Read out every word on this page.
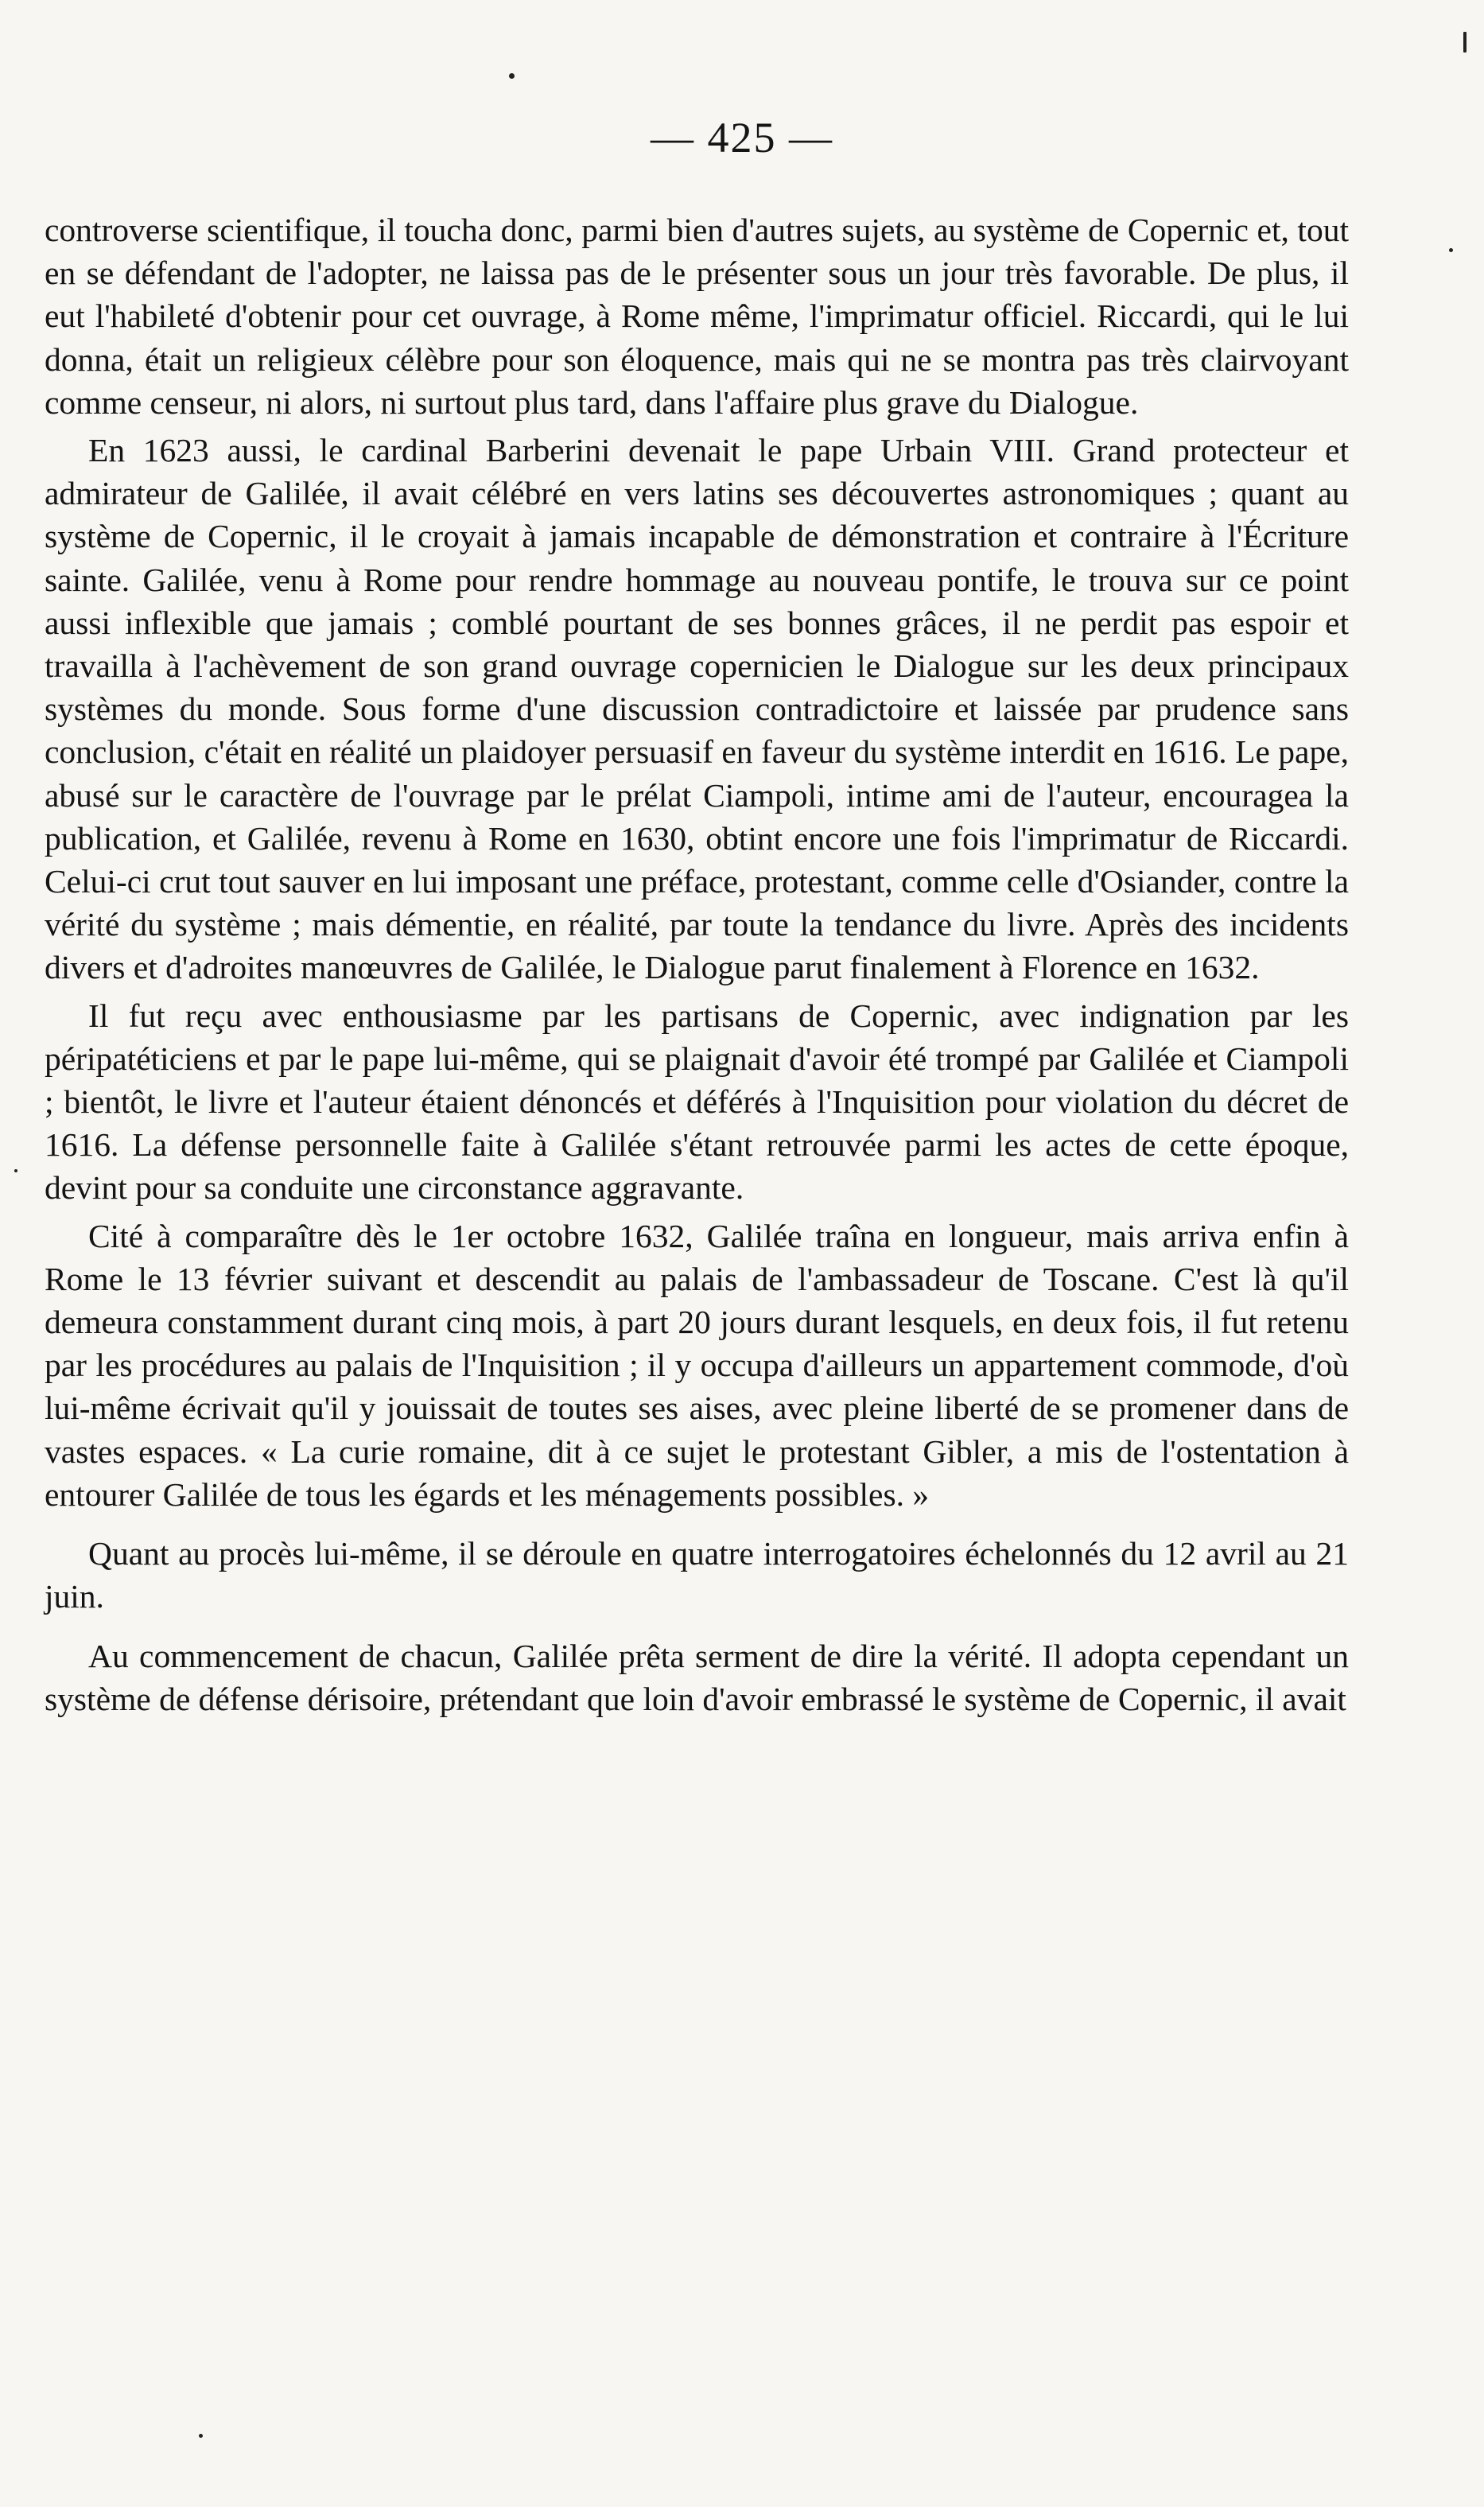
— 425 —

controverse scientifique, il toucha donc, parmi bien d'autres sujets, au système de Copernic et, tout en se défendant de l'adopter, ne laissa pas de le présenter sous un jour très favorable. De plus, il eut l'habileté d'obtenir pour cet ouvrage, à Rome même, l'imprimatur officiel. Riccardi, qui le lui donna, était un religieux célèbre pour son éloquence, mais qui ne se montra pas très clairvoyant comme censeur, ni alors, ni surtout plus tard, dans l'affaire plus grave du Dialogue.

En 1623 aussi, le cardinal Barberini devenait le pape Urbain VIII. Grand protecteur et admirateur de Galilée, il avait célébré en vers latins ses découvertes astronomiques ; quant au système de Copernic, il le croyait à jamais incapable de démonstration et contraire à l'Écriture sainte. Galilée, venu à Rome pour rendre hommage au nouveau pontife, le trouva sur ce point aussi inflexible que jamais ; comblé pourtant de ses bonnes grâces, il ne perdit pas espoir et travailla à l'achèvement de son grand ouvrage copernicien le Dialogue sur les deux principaux systèmes du monde. Sous forme d'une discussion contradictoire et laissée par prudence sans conclusion, c'était en réalité un plaidoyer persuasif en faveur du système interdit en 1616. Le pape, abusé sur le caractère de l'ouvrage par le prélat Ciampoli, intime ami de l'auteur, encouragea la publication, et Galilée, revenu à Rome en 1630, obtint encore une fois l'imprimatur de Riccardi. Celui-ci crut tout sauver en lui imposant une préface, protestant, comme celle d'Osiander, contre la vérité du système ; mais démentie, en réalité, par toute la tendance du livre. Après des incidents divers et d'adroites manœuvres de Galilée, le Dialogue parut finalement à Florence en 1632.

Il fut reçu avec enthousiasme par les partisans de Copernic, avec indignation par les péripatéticiens et par le pape lui-même, qui se plaignait d'avoir été trompé par Galilée et Ciampoli ; bientôt, le livre et l'auteur étaient dénoncés et déférés à l'Inquisition pour violation du décret de 1616. La défense personnelle faite à Galilée s'étant retrouvée parmi les actes de cette époque, devint pour sa conduite une circonstance aggravante.

Cité à comparaître dès le 1er octobre 1632, Galilée traîna en longueur, mais arriva enfin à Rome le 13 février suivant et descendit au palais de l'ambassadeur de Toscane. C'est là qu'il demeura constamment durant cinq mois, à part 20 jours durant lesquels, en deux fois, il fut retenu par les procédures au palais de l'Inquisition ; il y occupa d'ailleurs un appartement commode, d'où lui-même écrivait qu'il y jouissait de toutes ses aises, avec pleine liberté de se promener dans de vastes espaces. « La curie romaine, dit à ce sujet le protestant Gibler, a mis de l'ostentation à entourer Galilée de tous les égards et les ménagements possibles. »

Quant au procès lui-même, il se déroule en quatre interrogatoires échelonnés du 12 avril au 21 juin.

Au commencement de chacun, Galilée prêta serment de dire la vérité. Il adopta cependant un système de défense dérisoire, prétendant que loin d'avoir embrassé le système de Copernic, il avait
